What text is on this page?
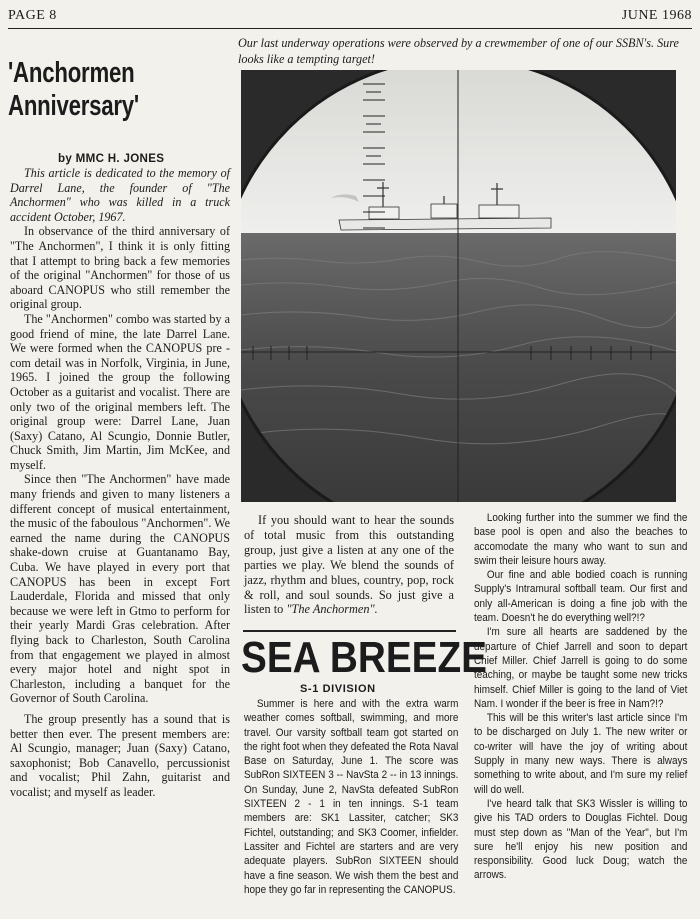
PAGE 8	JUNE 1968
Our last underway operations were observed by a crewmember of one of our SSBN's. Sure looks like a tempting target!
'Anchormen
Anniversary'
by MMC H. JONES

This article is dedicated to the memory of Darrel Lane, the founder of "The Anchormen" who was killed in a truck accident October, 1967.

In observance of the third anniversary of "The Anchormen", I think it is only fitting that I attempt to bring back a few memories of the original "Anchormen" for those of us aboard CANOPUS who still remember the original group.

The "Anchormen" combo was started by a good friend of mine, the late Darrel Lane. We were formed when the CANOPUS pre - com detail was in Norfolk, Virginia, in June, 1965. I joined the group the following October as a guitarist and vocalist. There are only two of the original members left. The original group were: Darrel Lane, Juan (Saxy) Catano, Al Scungio, Donnie Butler, Chuck Smith, Jim Martin, Jim McKee, and myself.

Since then "The Anchormen" have made many friends and given to many listeners a different concept of musical entertainment, the music of the faboulous "Anchormen". We earned the name during the CANOPUS shake-down cruise at Guantanamo Bay, Cuba. We have played in every port that CANOPUS has been in except Fort Lauderdale, Florida and missed that only because we were left in Gtmo to perform for their yearly Mardi Gras celebration. After flying back to Charleston, South Carolina from that engagement we played in almost every major hotel and night spot in Charleston, including a banquet for the Governor of South Carolina.

The group presently has a sound that is better then ever. The present members are: Al Scungio, manager; Juan (Saxy) Catano, saxophonist; Bob Canavello, percussionist and vocalist; Phil Zahn, guitarist and vocalist; and myself as leader.

If you should want to hear the sounds of total music from this outstanding group, just give a listen at any one of the parties we play. We blend the sounds of jazz, rhythm and blues, country, pop, rock & roll, and soul sounds. So just give a listen to "The Anchormen".

SEA BREEZE
S-1 DIVISION

Summer is here and with the extra warm weather comes softball, swimming, and more travel. Our varsity softball team got started on the right foot when they defeated the Rota Naval Base on Saturday, June 1. The score was SubRon SIXTEEN 3 -- NavSta 2 -- in 13 innings. On Sunday, June 2, NavSta defeated SubRon SIXTEEN 2 - 1 in ten innings. S-1 team members are: SK1 Lassiter, catcher; SK3 Fichtel, outstanding; and SK3 Coomer, infielder. Lassiter and Fichtel are starters and are very adequate players. SubRon SIXTEEN should have a fine season. We wish them the best and hope they go far in representing the CANOPUS.

Looking further into the summer we find the base pool is open and also the beaches to accomodate the many who want to sun and swim their leisure hours away.

Our fine and able bodied coach is running Supply's Intramural softball team. Our first and only all-American is doing a fine job with the team. Doesn't he do everything well?!?

I'm sure all hearts are saddened by the departure of Chief Jarrell and soon to depart Chief Miller. Chief Jarrell is going to do some teaching, or maybe be taught some new tricks himself. Chief Miller is going to the land of Viet Nam. I wonder if the beer is free in Nam?!?

This will be this writer's last article since I'm to be discharged on July 1. The new writer or co-writer will have the joy of writing about Supply in many new ways. There is always something to write about, and I'm sure my relief will do well.

I've heard talk that SK3 Wissler is willing to give his TAD orders to Douglas Fichtel. Doug must step down as "Man of the Year", but I'm sure he'll enjoy his new position and responsibility. Good luck Doug; watch the arrows.
